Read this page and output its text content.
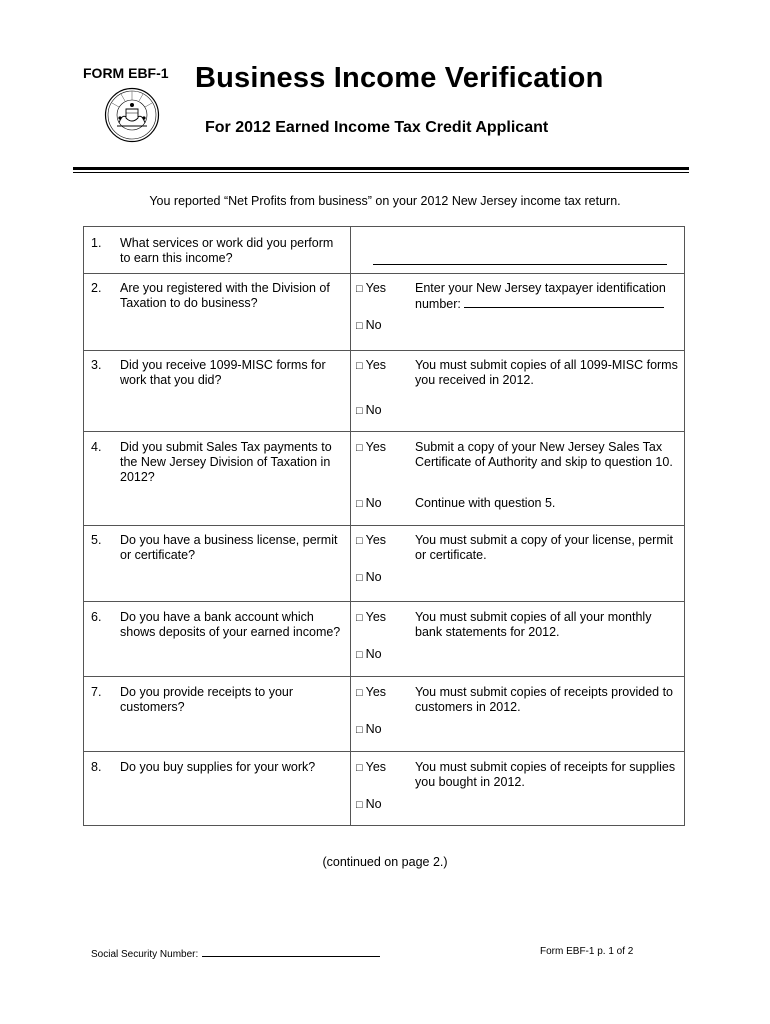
FORM EBF-1 Business Income Verification
For 2012 Earned Income Tax Credit Applicant
You reported “Net Profits from business” on your 2012 New Jersey income tax return.
1. What services or work did you perform to earn this income?
2. Are you registered with the Division of Taxation to do business?
□ Yes Enter your New Jersey taxpayer identification number:
□ No
3. Did you receive 1099-MISC forms for work that you did?
□ Yes You must submit copies of all 1099-MISC forms you received in 2012.
□ No
4. Did you submit Sales Tax payments to the New Jersey Division of Taxation in 2012?
□ Yes Submit a copy of your New Jersey Sales Tax Certificate of Authority and skip to question 10.
□ No	Continue with question 5.
5. Do you have a business license, permit or certificate?
□ Yes You must submit a copy of your license, permit or certificate.
□ No
6. Do you have a bank account which shows deposits of your earned income?
□ Yes You must submit copies of all your monthly bank statements for 2012.
□ No
7. Do you provide receipts to your customers?
□ Yes You must submit copies of receipts provided to customers in 2012.
□ No
8. Do you buy supplies for your work?	□ Yes You must submit copies of receipts for supplies you bought in 2012.
□ No
(continued on page 2.)
Social Security Number:	Form EBF-1 p. 1 of 2
